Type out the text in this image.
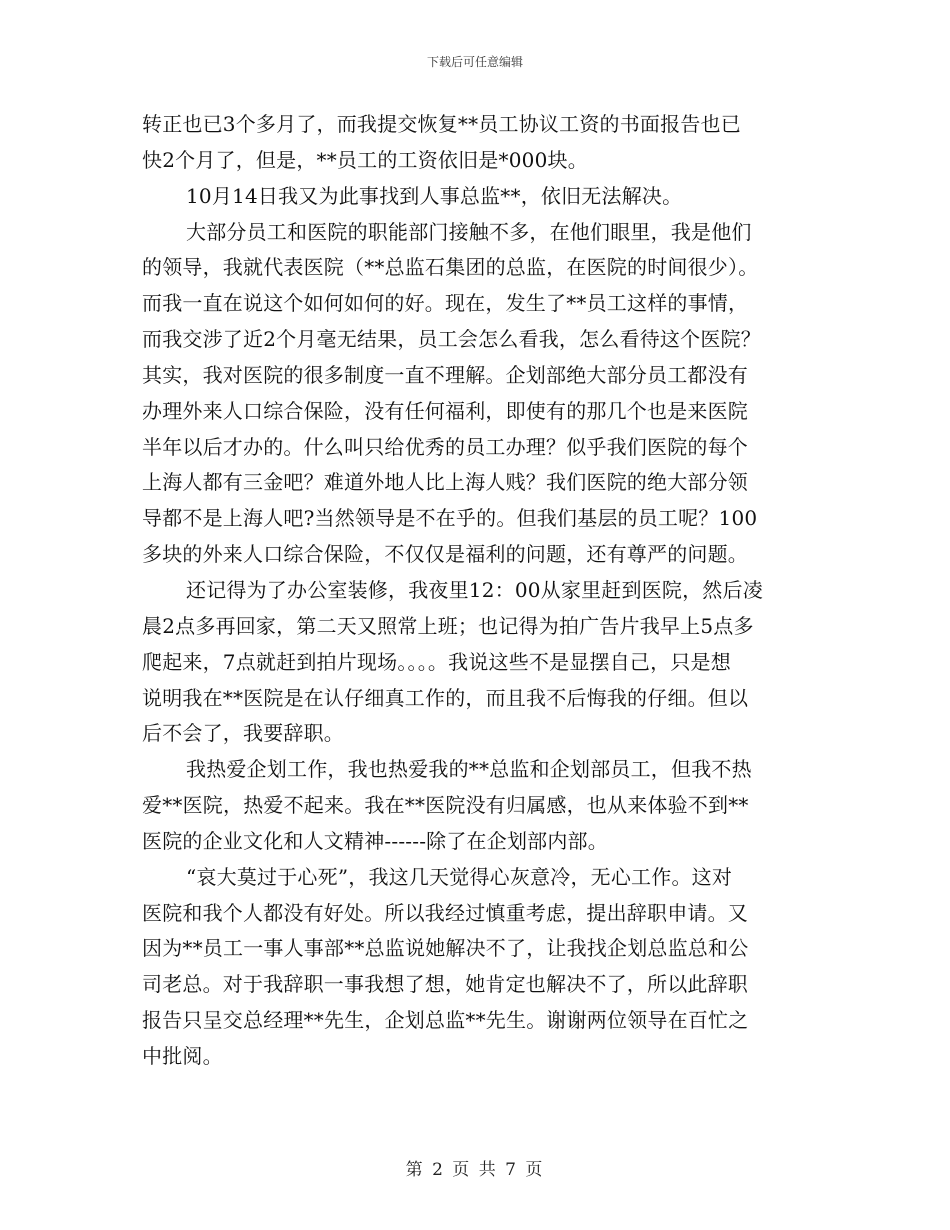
下载后可任意编辑
转正也已3个多月了，而我提交恢复**员工协议工资的书面报告也已
快2个月了，但是，**员工的工资依旧是*000块。
10月14日我又为此事找到人事总监**，依旧无法解决。
大部分员工和医院的职能部门接触不多，在他们眼里，我是他们
的领导，我就代表医院（**总监石集团的总监，在医院的时间很少）。
而我一直在说这个如何如何的好。现在，发生了**员工这样的事情，
而我交涉了近2个月毫无结果，员工会怎么看我，怎么看待这个医院？
其实，我对医院的很多制度一直不理解。企划部绝大部分员工都没有
办理外来人口综合保险，没有任何福利，即使有的那几个也是来医院
半年以后才办的。什么叫只给优秀的员工办理？似乎我们医院的每个
上海人都有三金吧？难道外地人比上海人贱？我们医院的绝大部分领
导都不是上海人吧?当然领导是不在乎的。但我们基层的员工呢？100
多块的外来人口综合保险，不仅仅是福利的问题，还有尊严的问题。
还记得为了办公室装修，我夜里12：00从家里赶到医院，然后凌
晨2点多再回家，第二天又照常上班；也记得为拍广告片我早上5点多
爬起来，7点就赶到拍片现场。。。。我说这些不是显摆自己，只是想
说明我在**医院是在认仔细真工作的，而且我不后悔我的仔细。但以
后不会了，我要辞职。
我热爱企划工作，我也热爱我的**总监和企划部员工，但我不热
爱**医院，热爱不起来。我在**医院没有归属感，也从来体验不到**
医院的企业文化和人文精神------除了在企划部内部。
“哀大莫过于心死”，我这几天觉得心灰意冷，无心工作。这对
医院和我个人都没有好处。所以我经过慎重考虑，提出辞职申请。又
因为**员工一事人事部**总监说她解决不了，让我找企划总监总和公
司老总。对于我辞职一事我想了想，她肯定也解决不了，所以此辞职
报告只呈交总经理**先生，企划总监**先生。谢谢两位领导在百忙之
中批阅。
第 2 页 共 7 页
